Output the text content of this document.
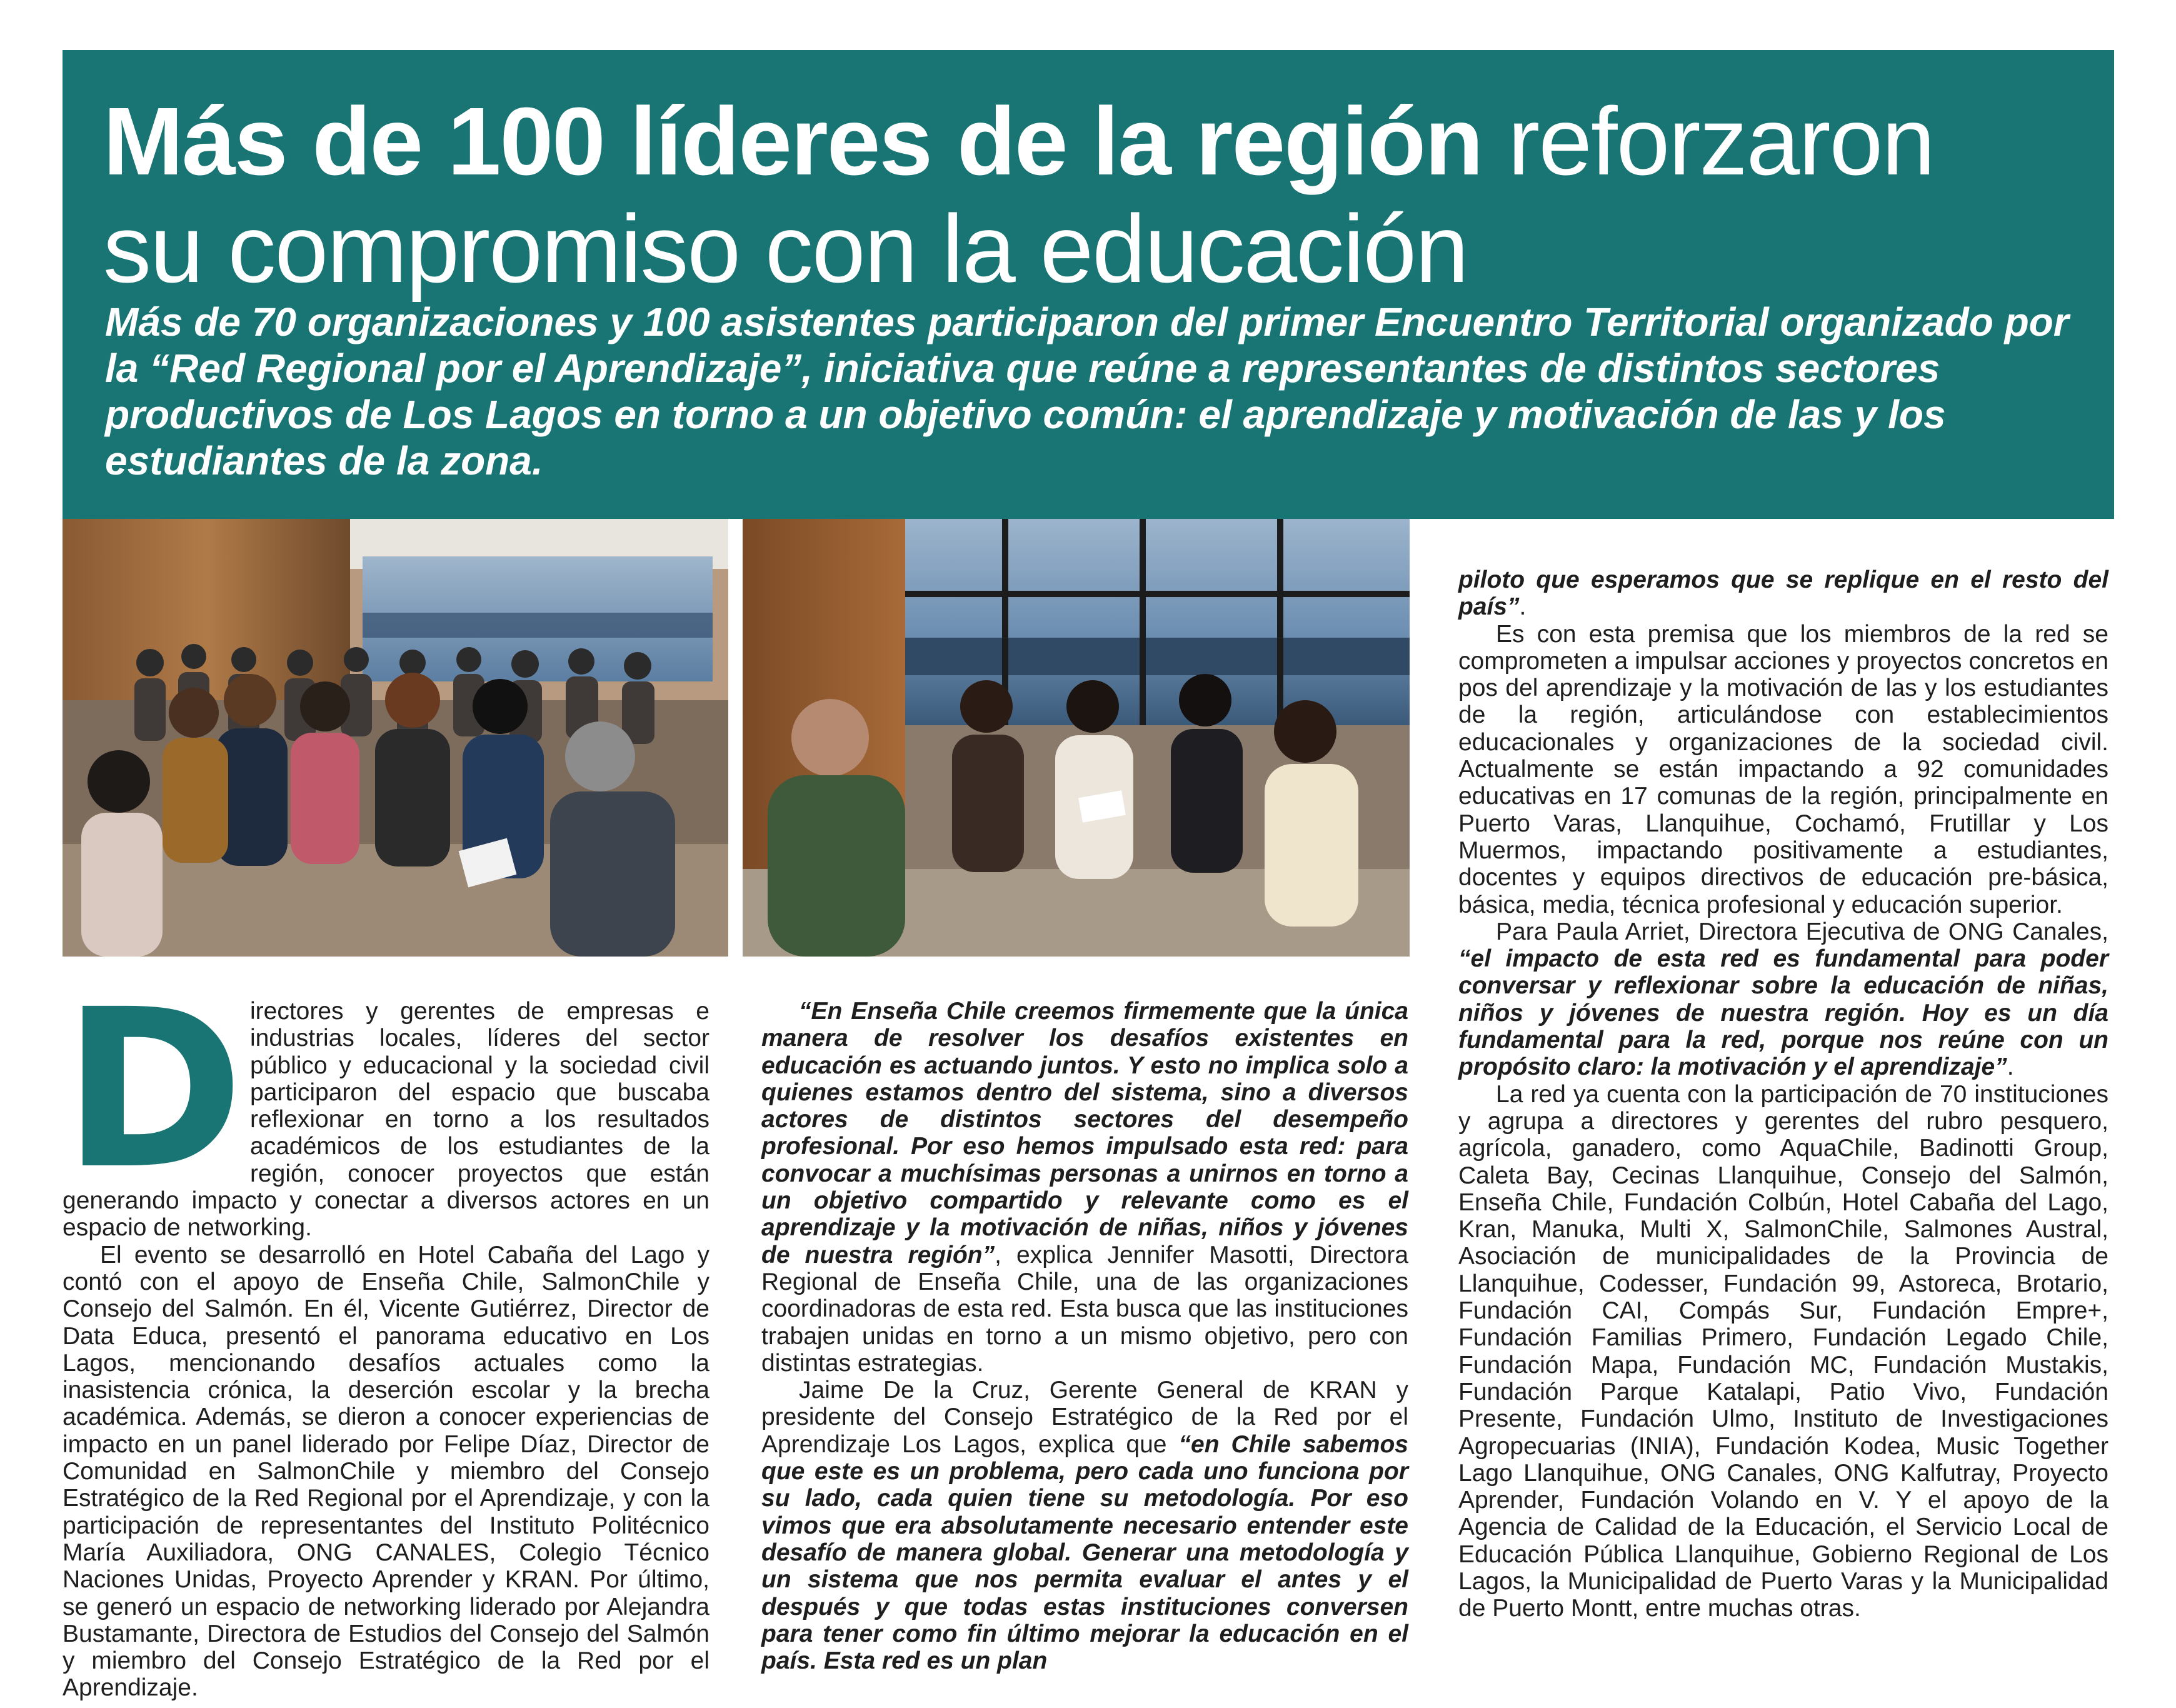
Más de 100 líderes de la región reforzaron
su compromiso con la educación

Más de 70 organizaciones y 100 asistentes participaron del primer Encuentro Territorial organizado por la “Red Regional por el Aprendizaje”, iniciativa que reúne a representantes de distintos sectores productivos de Los Lagos en torno a un objetivo común: el aprendizaje y motivación de las y los estudiantes de la zona.

D irectores y gerentes de empresas e industrias locales, líderes del sector público y educacional y la sociedad civil participaron del espacio que buscaba reflexionar en torno a los resultados académicos de los estudiantes de la región, conocer proyectos que están generando impacto y conectar a diversos actores en un espacio de networking.

El evento se desarrolló en Hotel Cabaña del Lago y contó con el apoyo de Enseña Chile, SalmonChile y Consejo del Salmón. En él, Vicente Gutiérrez, Director de Data Educa, presentó el panorama educativo en Los Lagos, mencionando desafíos actuales como la inasistencia crónica, la deserción escolar y la brecha académica. Además, se dieron a conocer experiencias de impacto en un panel liderado por Felipe Díaz, Director de Comunidad en SalmonChile y miembro del Consejo Estratégico de la Red Regional por el Aprendizaje, y con la participación de representantes del Instituto Politécnico María Auxiliadora, ONG CANALES, Colegio Técnico Naciones Unidas, Proyecto Aprender y KRAN. Por último, se generó un espacio de networking liderado por Alejandra Bustamante, Directora de Estudios del Consejo del Salmón y miembro del Consejo Estratégico de la Red por el Aprendizaje.

“En Enseña Chile creemos firmemente que la única manera de resolver los desafíos existentes en educación es actuando juntos. Y esto no implica solo a quienes estamos dentro del sistema, sino a diversos actores de distintos sectores del desempeño profesional. Por eso hemos impulsado esta red: para convocar a muchísimas personas a unirnos en torno a un objetivo compartido y relevante como es el aprendizaje y la motivación de niñas, niños y jóvenes de nuestra región”, explica Jennifer Masotti, Directora Regional de Enseña Chile, una de las organizaciones coordinadoras de esta red. Esta busca que las instituciones trabajen unidas en torno a un mismo objetivo, pero con distintas estrategias.

Jaime De la Cruz, Gerente General de KRAN y presidente del Consejo Estratégico de la Red por el Aprendizaje Los Lagos, explica que “en Chile sabemos que este es un problema, pero cada uno funciona por su lado, cada quien tiene su metodología. Por eso vimos que era absolutamente necesario entender este desafío de manera global. Generar una metodología y un sistema que nos permita evaluar el antes y el después y que todas estas instituciones conversen para tener como fin último mejorar la educación en el país. Esta red es un plan

piloto que esperamos que se replique en el resto del país”.

Es con esta premisa que los miembros de la red se comprometen a impulsar acciones y proyectos concretos en pos del aprendizaje y la motivación de las y los estudiantes de la región, articulándose con establecimientos educacionales y organizaciones de la sociedad civil. Actualmente se están impactando a 92 comunidades educativas en 17 comunas de la región, principalmente en Puerto Varas, Llanquihue, Cochamó, Frutillar y Los Muermos, impactando positivamente a estudiantes, docentes y equipos directivos de educación pre-básica, básica, media, técnica profesional y educación superior.

Para Paula Arriet, Directora Ejecutiva de ONG Canales, “el impacto de esta red es fundamental para poder conversar y reflexionar sobre la educación de niñas, niños y jóvenes de nuestra región. Hoy es un día fundamental para la red, porque nos reúne con un propósito claro: la motivación y el aprendizaje”.

La red ya cuenta con la participación de 70 instituciones y agrupa a directores y gerentes del rubro pesquero, agrícola, ganadero, como AquaChile, Badinotti Group, Caleta Bay, Cecinas Llanquihue, Consejo del Salmón, Enseña Chile, Fundación Colbún, Hotel Cabaña del Lago, Kran, Manuka, Multi X, SalmonChile, Salmones Austral, Asociación de municipalidades de la Provincia de Llanquihue, Codesser, Fundación 99, Astoreca, Brotario, Fundación CAI, Compás Sur, Fundación Empre+, Fundación Familias Primero, Fundación Legado Chile, Fundación Mapa, Fundación MC, Fundación Mustakis, Fundación Parque Katalapi, Patio Vivo, Fundación Presente, Fundación Ulmo, Instituto de Investigaciones Agropecuarias (INIA), Fundación Kodea, Music Together Lago Llanquihue, ONG Canales, ONG Kalfutray, Proyecto Aprender, Fundación Volando en V. Y el apoyo de la Agencia de Calidad de la Educación, el Servicio Local de Educación Pública Llanquihue, Gobierno Regional de Los Lagos, la Municipalidad de Puerto Varas y la Municipalidad de Puerto Montt, entre muchas otras.
